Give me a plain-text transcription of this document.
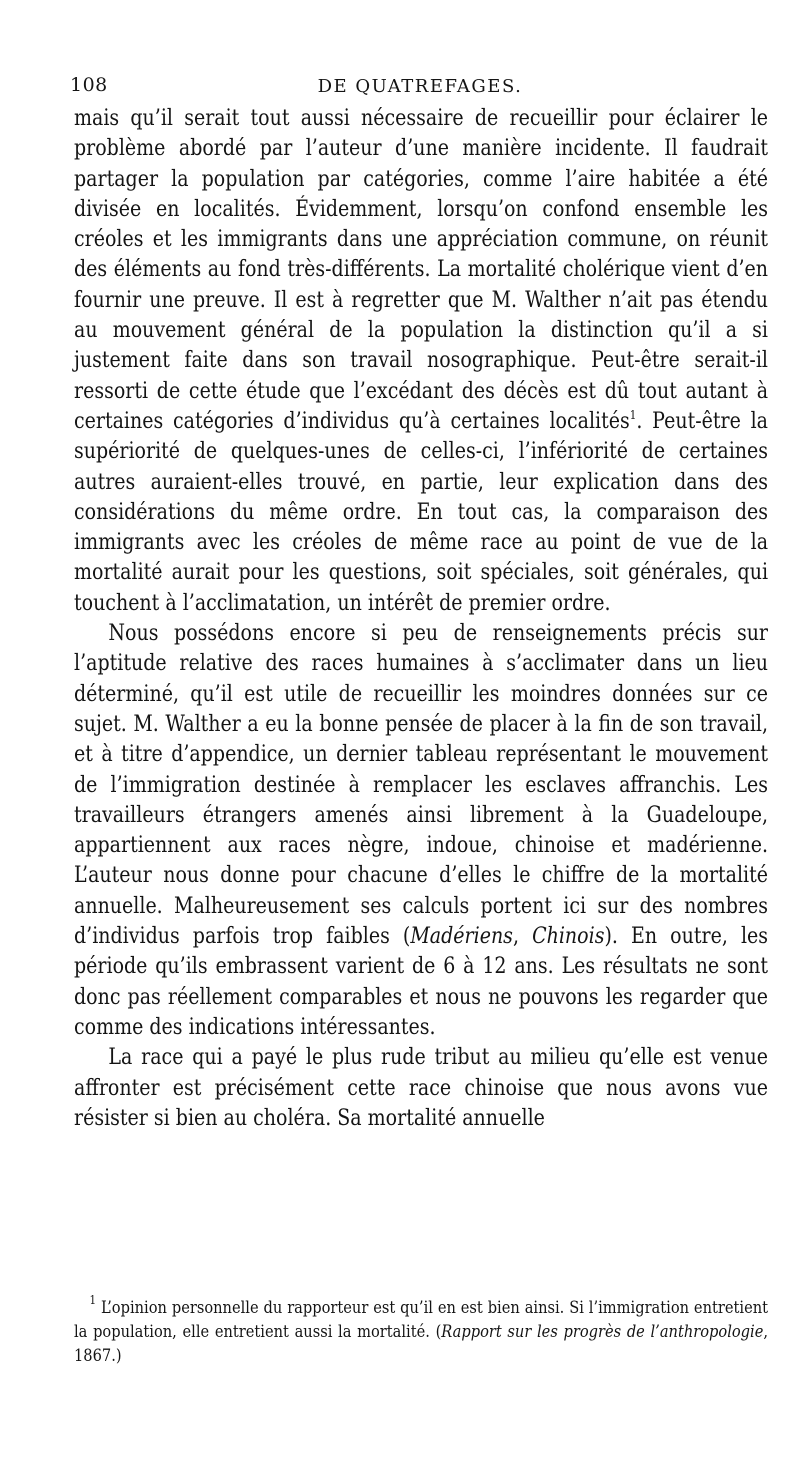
108	DE QUATREFAGES.

mais qu’il serait tout aussi nécessaire de recueillir pour éclairer le problème abordé par l’auteur d’une manière incidente. Il faudrait partager la population par catégories, comme l’aire habitée a été divisée en localités. Évidemment, lorsqu’on confond ensemble les créoles et les immigrants dans une appréciation commune, on réunit des éléments au fond très-différents. La mortalité cholérique vient d’en fournir une preuve. Il est à regretter que M. Walther n’ait pas étendu au mouvement général de la population la distinction qu’il a si justement faite dans son travail nosographique. Peut-être serait-il ressorti de cette étude que l’excédant des décès est dû tout autant à certaines catégories d’individus qu’à certaines localités$^1$. Peut-être la supériorité de quelques-unes de celles-ci, l’infériorité de certaines autres auraient-elles trouvé, en partie, leur explication dans des considérations du même ordre. En tout cas, la comparaison des immigrants avec les créoles de même race au point de vue de la mortalité aurait pour les questions, soit spéciales, soit générales, qui touchent à l’acclimatation, un intérêt de premier ordre.

Nous possédons encore si peu de renseignements précis sur l’aptitude relative des races humaines à s’acclimater dans un lieu déterminé, qu’il est utile de recueillir les moindres données sur ce sujet. M. Walther a eu la bonne pensée de placer à la fin de son travail, et à titre d’appendice, un dernier tableau représentant le mouvement de l’immigration destinée à remplacer les esclaves affranchis. Les travailleurs étrangers amenés ainsi librement à la Guadeloupe, appartiennent aux races nègre, indoue, chinoise et madérienne. L’auteur nous donne pour chacune d’elles le chiffre de la mortalité annuelle. Malheureusement ses calculs portent ici sur des nombres d’individus parfois trop faibles (Madériens, Chinois). En outre, les période qu’ils embrassent varient de 6 à 12 ans. Les résultats ne sont donc pas réellement comparables et nous ne pouvons les regarder que comme des indications intéressantes.

La race qui a payé le plus rude tribut au milieu qu’elle est venue affronter est précisément cette race chinoise que nous avons vue résister si bien au choléra. Sa mortalité annuelle

$^1$ L’opinion personnelle du rapporteur est qu’il en est bien ainsi. Si l’immigration entretient la population, elle entretient aussi la mortalité. (Rapport sur les progrès de l’anthropologie, 1867.)
